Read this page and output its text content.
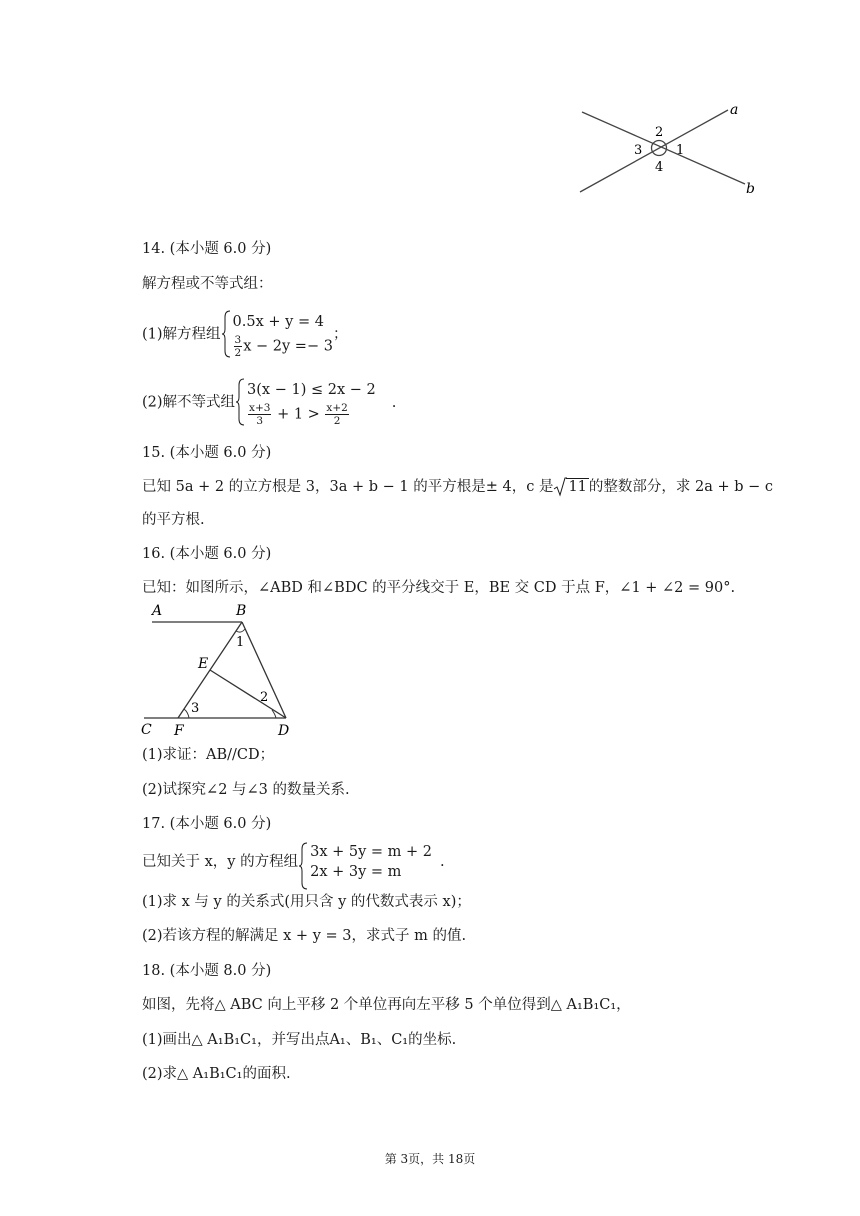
a
b
2
3	1
4
14. (本小题 6.0 分)
解方程或不等式组：
(1)解方程组
0.5x + y = 4
$\frac{3}{2}$ x − 2y =− 3
；
(2)解不等式组
3(x − 1) ≤ 2x − 2
$\frac{x+3}{3} + 1 > \frac{x+2}{2}$	.
15. (本小题 6.0 分)
已知 5a + 2 的立方根是 3，3a + b − 1 的平方根是± 4，c 是 11 的整数部分，求 2a + b − c
的平方根.
16. (本小题 6.0 分)
已知：如图所示，∠ABD 和∠BDC 的平分线交于 E，BE 交 CD 于点 F，∠1 + ∠2 = 90°.
A	B
E
C F	D
1
2
3
(1)求证：AB//CD；
(2)试探究∠2 与∠3 的数量关系.
17. (本小题 6.0 分)
已知关于 x，y 的方程组
3x + 5y = m + 2
2x + 3y = m
.
(1)求 x 与 y 的关系式(用只含 y 的代数式表示 x)；
(2)若该方程的解满足 x + y = 3，求式子 m 的值.
18. (本小题 8.0 分)
如图，先将△ ABC 向上平移 2 个单位再向左平移 5 个单位得到△ A₁B₁C₁，
(1)画出△ A₁B₁C₁，并写出点A₁、B₁、C₁的坐标.
(2)求△ A₁B₁C₁的面积.
第 3页，共 18页
